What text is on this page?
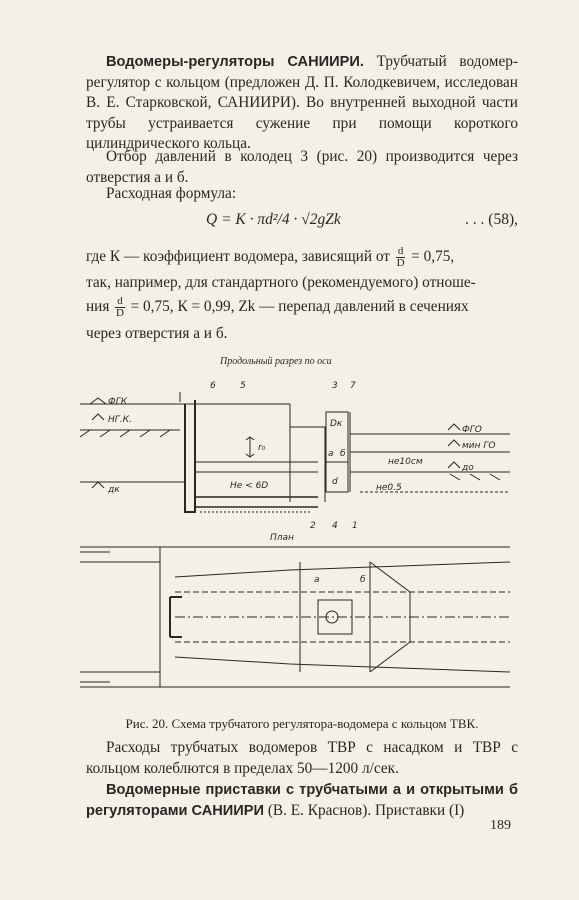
Водомеры-регуляторы САНИИРИ. Трубчатый водомер-регулятор с кольцом (предложен Д. П. Колодкевичем, исследован В. Е. Старковской, САНИИРИ). Во внутренней выходной части трубы устраивается сужение при помощи короткого цилиндрического кольца.
Отбор давлений в колодец 3 (рис. 20) производится через отверстия а и б.
Расходная формула:
Q = K · πd²/4 · √2gZk	. . . (58),
где К — коэффициент водомера, зависящий от $\frac{d}{D} = 0,75$,
так, например, для стандартного (рекомендуемого) отноше-
ния $\frac{d}{D} = 0,75$, К = 0,99, Zk — перепад давлений в сечениях
через отверстия а и б.
Продольный разрез по оси
6	5	3 7
2 4 1
ФГК
НГ.К.
дк
r₀
Не < 6D
Dк
а б
d
ФГО
мин ГО
до
не10см
не0.5
План
а	б
Рис. 20. Схема трубчатого регулятора-водомера с кольцом ТВК.
Расходы трубчатых водомеров ТВР с насадком и ТВР с кольцом колеблются в пределах 50—1200 л/сек.
Водомерные приставки с трубчатыми а и открытыми б регуляторами САНИИРИ (В. Е. Краснов). Приставки (I)
189
